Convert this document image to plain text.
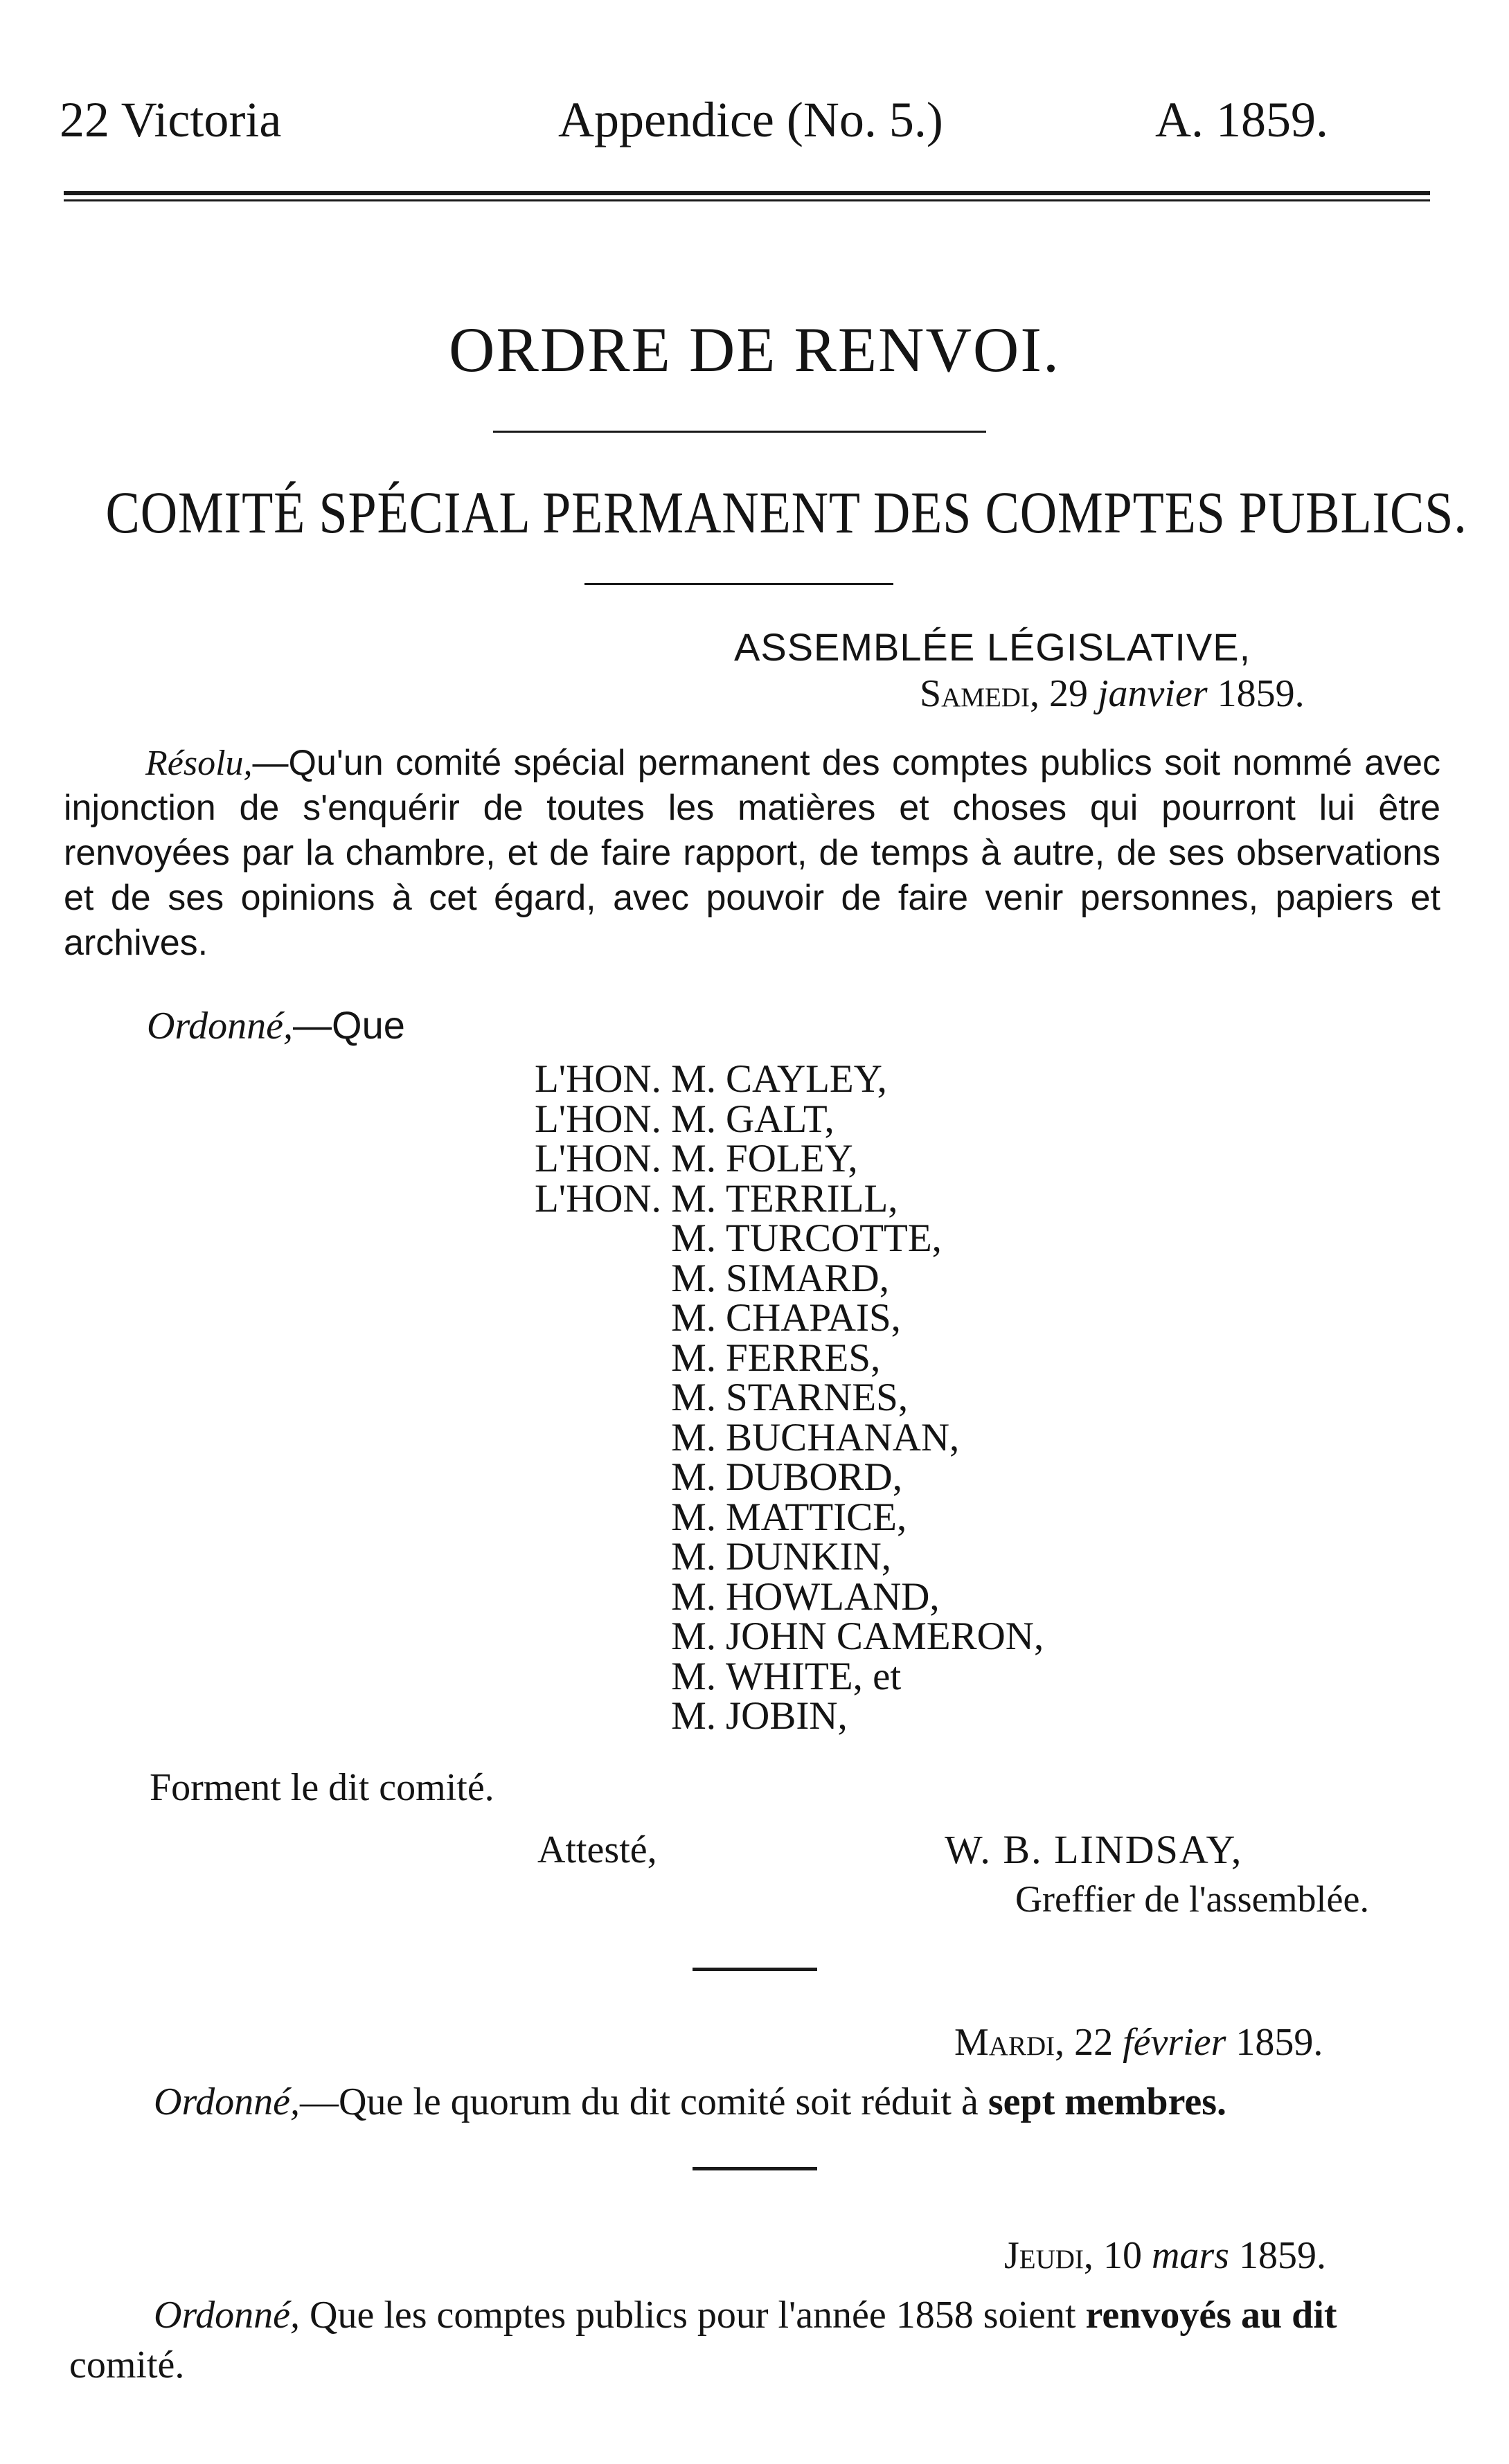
22 Victoria	Appendice (No. 5.)	A. 1859.
ORDRE DE RENVOI.
COMITÉ SPÉCIAL PERMANENT DES COMPTES PUBLICS.
ASSEMBLÉE LÉGISLATIVE,
Samedi, 29 janvier 1859.
Résolu,—Qu'un comité spécial permanent des comptes publics soit nommé avec injonction de s'enquérir de toutes les matières et choses qui pourront lui être renvoyées par la chambre, et de faire rapport, de temps à autre, de ses observations et de ses opinions à cet égard, avec pouvoir de faire venir personnes, papiers et archives.
Ordonné,—Que
L'HON. M. CAYLEY,
L'HON. M. GALT,
L'HON. M. FOLEY,
L'HON. M. TERRILL,
M. TURCOTTE,
M. SIMARD,
M. CHAPAIS,
M. FERRES,
M. STARNES,
M. BUCHANAN,
M. DUBORD,
M. MATTICE,
M. DUNKIN,
M. HOWLAND,
M. JOHN CAMERON,
M. WHITE, et
M. JOBIN,
Forment le dit comité.
Attesté,	W. B. LINDSAY,
Greffier de l'assemblée.
Mardi, 22 février 1859.
Ordonné,—Que le quorum du dit comité soit réduit à sept membres.
Jeudi, 10 mars 1859.
Ordonné, Que les comptes publics pour l'année 1858 soient renvoyés au dit
comité.
